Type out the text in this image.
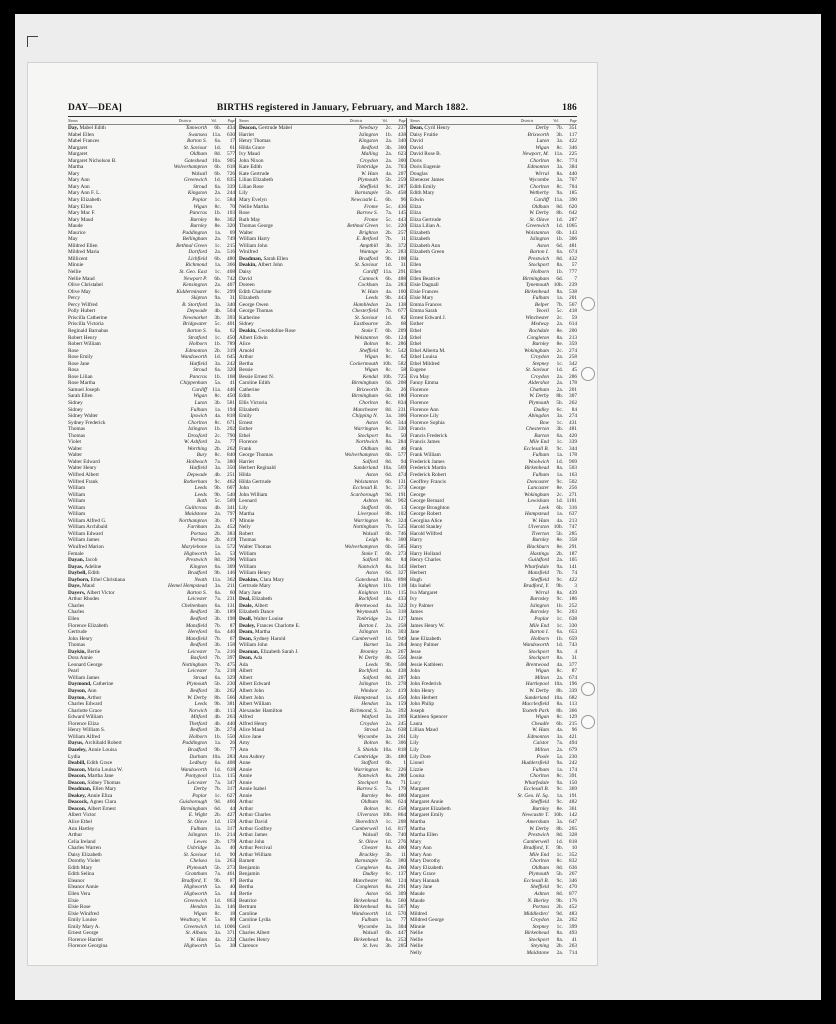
DAY—DEA]	BIRTHS registered in January, February, and March 1882.	186
Names	Districts	Vol.	Page
Day, Mabel Edith	Tamworth	6b.	434
Mabel Ellen	Swansea 11a.	630
Mabel Frances	Barton S.	6a.	17
Margaret	St. Saviour	1d.	61
Margaret	Oldham	8d.	577
Margaret Nicholson B.	Gateshead 10a.	905
Martha	Wolverhampton	6b.	618
Mary	Walsall	6b.	726
Mary Ann	Greenwich	1d.	835
Mary Ann	Stroud	6a.	339
Mary Ann F. L.	Kingston	2a.	244
Mary Elizabeth	Poplar	1c.	584
Mary Ellen	Wigan	8c.	70
Mary Mac F.	Pancras	1b.	103
Mary Maud	Burnley	8e.	302
Maude	Burnley	8e.	320
Maurice	Paddington	1a.	69
May	Bellingham	2a.	749
Mildred Ellen	Bethnal Green	1c.	215
Mildred Maria	Dartford	2a.	516
Millicent	Lichfield	6b.	480
Minnie	Richmond	1a.	366
Nellie	St. Geo. East	1c.	408
Nellie Maud	Newport P.	6b.	742
Olive Christabel	Kensington	2a.	407
Olive May	Kidderminster	6c.	299
Percy	Skipton	9a.	31
Percy Wilfred	B. Stortford	3a.	340
Polly Hubert	Depwade	4b.	504
Priscilla Catherine	Newmarket	3b.	393
Priscilla Victoria	Bridgwater	5c.	401
Reginald Barnabas	Barton S.	6a.	62
Robert Henry	Stratford	1c.	450
Robert William	Holborn	1b.	789
Rose	Edmonton	2b.	319
Rose Emily	Wandsworth	1d.	645
Rose Jane	Hatfield	3a.	242
Rosa	Stroud	6a.	320
Rose Lilian	Pancras	1b.	168
Rose Martha	Chippenham	5a.	41
Samuel Joseph	Cardiff 11a.	446
Sarah Ellen	Wigan	8c.	450
Sidney	Luton	3b.	581
Sidney	Fulham	1a.	194
Sidney Walter	Ipswich	4a.	818
Sydney Frederick	Chorlton	8c.	671
Thomas	Islington	1b.	202
Thomas	Droxford	2c.	790
Violet	W. Ashford	2a.	77
Walter	Worthing	2b.	262
Walter	Bury	8c.	840
Walter Edward	Holbeach	7a.	380
Walter Henry	Hatfield	3a.	350
Wilfred Albert	Depwade	4b.	251
Wilfred Frank	Rotherham	9c.	462
William	Leeds	9b.	607
William	Leeds	9b.	540
William	Bath	5c.	569
William	Guiltcross	4b.	341
William	Maidstone	2a.	797
William Alfred G.	Northampton	3b.	67
William Archibald	Farnham	2a.	452
William Edward	Portsea	2b.	383
William James	Portsea	2b.	419
Winifred Marion	Marylebone	1a.	572
Female	Highworth	5a.	53
Dayan, Jacob	Prestwich	8d.	296
Dayas, Adeline	Kington	6a.	309
Daybell, Edith	Bradford	9b.	146
Dayborn, Ethel Christiana	Neath 11a.	362
Daye, Maud	Hemel Hempstead	3a.	211
Dayers, Albert Victor	Barton S.	6a.	60
Arthur Rhodes	Leicester	7a.	231
Charles	Cheltenham	6a.	131
Charles	Bedford	3b.	189
Ellen	Bedford	3b.	198
Florence Elizabeth	Mansfield	7b.	87
Gertrude	Hereford	6a.	440
John Henry	Mansfield	7b.	67
Thomas	Bedford	3b.	158
Daykin, Bertie	Leicester	7a.	216
Dora Annie	Basford	7b.	397
Leonard George	Nottingham	7b.	475
Pearl	Leicester	7a.	218
William James	Stroud	6a.	329
Daymond, Catherine	Plymouth	5b.	230
Dayson, Ann	Bedford	3b.	262
Dayton, Arthur	W. Derby	8b.	566
Charles Edward	Leeds	9b.	381
Charlotte Grace	Norwich	4b.	113
Edward William	Mitford	4b.	263
Florence Eliza	Thetford	4b.	440
Henry William S.	Bedford	3b.	274
William Alfred	Holborn	1b.	550
Dayus, Archibald Robert	Paddington	1a.	26
Dazeley, Annie Louisa	Bradford	9b.	77
Lydia	Durham 10a.	283
Deabill, Edith Grace	Ledbury	6a.	408
Deacon, Maria Louisa W.	Wandsworth	1d.	618
Deacon, Martha Jane	Pontypool 11a.	115
Deacon, Sidney Thomas	Leicester	7a.	347
Deadman, Ellen Mary	Derby	7b.	317
Deakey, Annie Eliza	Poplar	1c.	627
Deacock, Agnes Clara	Guisborough	9d.	466
Deacon, Albert Ernest	Birmingham	6d.	44
Albert Victor	E. Wight	2b.	427
Alice Ethel	St. Olave	1d.	159
Ann Hartley	Fulham	1a.	317
Arthur	Islington	1b.	214
Celia Ireland	Lewes	2b.	179
Charles Warren	Uxbridge	3a.	40
Daisy Elizabeth	St. Saviour	1d.	90
Dorothy Violet	Chelsea	1a.	263
Edith Mary	Plymouth	5b.	273
Edith Selina	Grantham	7a.	461
Eleanor	Bradford, Y.	9b.	87
Eleanor Annie	Highworth	5a.	40
Ellen Vera	Highworth	5a.	44
Elsie	Greenwich	1d.	863
Elsie Rose	Hendon	3a.	146
Elsie Winifred	Wigan	8c.	18
Emily Louise	Westbury, W.	5a.	80
Emily Mary A.	Greenwich	1d. 1006
Ernest George	St. Albans	3a.	371
Florence Harriet	W. Ham	4a.	232
Florence Georgina	Highworth	5a.	38
Names	Districts	Vol.	Page
Deacon, Gertrude Mabel	Newbury	2c.	237
Harriet	Islington	1b.	438
Henry Thomas	Kingston	2a.	340
Hilda Grace	Bedford	3b.	300
Ivy Maud	Malling	2a.	623
John Nixon	Croydon	2a.	300
Kate Edith	Tonbridge	2a.	703
Kate Gertrude	W. Ham	4a.	207
Lilian Elizabeth	Plymouth	5b.	259
Lilian Rose	Sheffield	9c.	287
Lily	Barnstaple	5b.	458
Mary Evelyn	Newcastle L.	6b.	96
Nellie Martha	Frome	5c.	436
Rose	Barrow S.	7a.	145
Ruth May	Frome	5c.	443
Thomas George	Bethnal Green	1c.	220
Walter	Brighton	2b.	257
William Harry	E. Retford	7b.	11
William John	Ampthill	3b.	372
Winifred	Wantage	2c.	283
Deadman, Sarah Ellen	Bradford	9b.	108
Deakin, Albert John	St. Saviour	1d.	31
Daisy	Cardiff 11a.	291
David	Cannock	6b.	488
Doreen	Cockham	2a.	283
Edith Charlotte	W. Ham	4a.	160
Elizabeth	Leeds	9b.	443
George Owen	Hambledon	2a.	138
George Thomas	Chesterfield	7b.	677
Katherine	St. Saviour	1d.	82
Sidney	Eastbourne	2b.	68
Deakin, Gwendoline Rose	Stoke T.	6b.	209
Albert Edwin	Wolstanton	6b.	124
Alice	Bolton	8c.	286
Arnold	Sheffield	9c.	542
Arthur	Wigan	8c.	62
Bertha	Cockermouth 10b.	582
Bessie	Wigan	8c.	58
Bessie Ernest N.	Kendal 10b.	725
Caroline Edith	Birmingham	6d.	208
Catherine	Brixworth	3b.	26
Edith	Birmingham	6d.	180
Ellis Victoria	Chorlton	8c.	834
Elizabeth	Manchester	8d.	231
Emily	Chipping N.	3a.	306
Ernest	Aston	6d.	344
Esther	Warrington	8c.	330
Ethel	Stockport	8a.	50
Florence	Northwich	8a.	284
Frank	Oldham	8d.	46
George Thomas	Wolverhampton	6b.	577
Harriet	Salford	8d.	94
Herbert Reginald	Sunderland 10a.	569
Hilda	Aston	6d.	474
Hilda Gertrude	Wolstanton	6b.	131
John	Ecclesall B.	9c.	373
John William	Scarborough	9d.	191
Leonard	Ashton	8d.	902
Lily	Stafford	6b.	13
Martha	Liverpool	8b.	102
Minnie	Warrington	8c.	324
Nelly	Nottingham	7b.	525
Robert	Walsall	6b.	746
Thomas	Leigh	8c.	300
Walter Thomas	Wolverhampton	6b.	585
William	Stoke T.	6b.	273
William	Salford	8d.	84
William	Nantwich	8a.	343
William Henry	Aston	6d.	327
Deakins, Clara Mary	Gateshead 10a.	898
Gertrude Mary	Knighton 11b.	118
Mary Jane	Knighton 11b.	115
Deal, Elizabeth	Rochford	4a.	433
Deale, Albert	Brentwood	4a.	322
Elizabeth Dance	Weymouth	5a.	318
Deall, Walter Louise	Tonbridge	2a.	127
Dealey, Frances Charlotte E.	Barton I.	2a.	258
Deam, Martha	Islington	1b.	303
Dean, Sydney Harold	Camberwell	1d.	949
William John	Barnet	3a.	204
Deaman, Elizabeth Sarah J.	Bromley	2a.	267
Dean, Ada	W. Derby	8b.	556
Ada	Leeds	9b.	508
Albert	Rochford	4a.	438
Albert	Salford	8d.	207
Albert Edward	Islington	1b.	278
Albert John	Windsor	2c.	419
Albert John	Hampstead	1a.	450
Albert William	Hendon	3a.	159
Alexander Hamilton	Richmond, S.	2a.	392
Alfred	Watford	3a.	269
Alfred Henry	Croydon	2a.	245
Alice Maud	Strood	2a.	638
Alice Jane	Wycombe	3a.	261
Amy	Bolton	8c.	306
Ann	S. Shields 10a.	818
Ann Aubrey	Cambridge	3b.	480
Anne	Stafford	6b.	1
Annie	Warrington	8c.	226
Annie	Nantwich	8a.	280
Annie	Stockport	8a.	71
Annie Isabel	Barrow S.	7a.	179
Annie	Burnley	8e.	400
Arthur	Oldham	8d.	624
Arthur	Bolton	8c.	458
Arthur Charles	Ulverston 10b.	864
Arthur David	Shoreditch	1c.	208
Arthur Godfrey	Camberwell	1d.	817
Arthur James	Walsall	6b.	740
Arthur John	St. Olave	1d.	276
Arthur Percival	Chester	8a.	400
Arthur William	Brackley	3b.	11
Barnett	Barnstaple	5b.	380
Benjamin	Congleton	8a.	260
Benjamin	Dudley	6c.	137
Bertha	Manchester	8d.	124
Bertha	Congleton	8a.	291
Bertie	Aston	6d.	309
Beatrice	Birkenhead	8a.	560
Bertram	Birkenhead	8a.	567
Caroline	Wandsworth	1d.	570
Caroline Lydia	Fulham	1a.	77
Cecil	Wycombe	3a.	304
Charles Albert	Walsall	6b.	447
Charles Henry	Birkenhead	8a.	253
Clarence	St. Ives	3b.	205
Names	Districts	Vol.	Page
Dean, Cyril Henry	Derby	7b.	351
Daisy Fruitie	Brixworth	3b.	117
David	Luton	3a.	422
David	Wigan	8c.	346
David Rose B.	Newport, M. 11a.	225
Doris	Chorlton	8c.	774
Doris Eugenie	Edmonton	3a.	384
Douglas	Wirral	8a.	440
Ebenezer James	Wycombe	3a.	707
Edith Emily	Chorlton	8c.	704
Edith Mary	Wetherby	9a.	185
Edwin	Cardiff 11a.	390
Eliza	Oldham	8d.	620
Eliza	W. Derby	8b.	642
Eliza Gertrude	St. Olave	1d.	287
Eliza Lilian A.	Greenwich	1d. 1065
Elizabeth	Wolstanton	6b.	143
Elizabeth	Islington	1b.	306
Elizabeth Ann	Aston	6d.	481
Elizabeth Green	Barton I.	6a.	674
Ella	Prestwich	8d.	432
Ellen	Stockport	8a.	57
Ellen	Holborn	1b.	777
Ellen Beatrice	Birmingham	6d.	7
Elsie Dagnall	Tynemouth 10b.	239
Elsie Frances	Birkenhead	8a.	538
Elsie Mary	Fulham	1a.	201
Emma Frances	Belper	7b.	567
Emma Sarah	Yeovil	5c.	418
Ernest Edward J.	Winchester	2c.	59
Esther	Medway	2a.	614
Ethel	Rochdale	8e.	200
Ethel	Congleton	8a.	213
Ethel	Burnley	8e.	359
Ethel Alberta M.	Wokingham	2c.	274
Ethel Louisa	Croydon	2a.	258
Ethel Mildred	Stepney	1c.	342
Eugene	St. Saviour	1d.	45
Eva May	Croydon	2a.	286
Fanny Emma	Aldershot	2a.	178
Florence	Chatham	2a.	201
Florence	W. Derby	8b.	307
Florence	Plymouth	5b.	262
Florence Ann	Dudley	6c.	84
Florence Lily	Abingdon	3a.	274
Florence Sophia	Bow	1c.	431
Francis	Chesterton	3b.	481
Francis Frederick	Barton	6a.	420
Francis James	Mile End	1c.	339
Frank	Ecclesall B.	9c.	344
Frank William	Fulham	1a.	178
Frederick James	Woolwich	1d.	969
Frederick Martin	Birkenhead	8a.	503
Frederick Robert	Fulham	1a.	163
Geoffrey Francis	Doncaster	9c.	502
George	Lancaster	8e.	256
George	Wokingham	2c.	271
George Bernard	Lewisham	1d. 1181
George Broughton	Leek	6b.	316
George Robert	Hampstead	1a.	637
Georgina Alice	W. Ham	4a.	213
Harold Stanley	Ulverston 10b.	747
Harold Wilfred	Tiverton	5b.	285
Harry	Burnley	8e.	358
Harry	Blackburn	8e.	291
Harry Holland	Hastings	2b.	187
Henry Charles	Guildford	2a.	105
Herbert	Wharfedale	9a.	141
Herbert	Mansfield	7b.	74
Hugh	Sheffield	9c.	422
Ida Isabel	Bradford, Y.	9b.	3
Iva Margaret	Wirral	8a.	439
Ivy	Barnsley	9c.	186
Ivy Palmer	Islington	1b.	252
James	Barnsley	9c.	203
James	Poplar	1c.	638
James Henry W.	Mile End	1c.	330
Jane	Barton I.	6a.	653
Jane Elizabeth	Holborn	1b.	659
Jenny Palmer	Wandsworth	1d.	743
Jesse	Stockport	8a.	4
Jessie	Stockport	8a.	31
Jessie Kathleen	Brentwood	4a.	377
John	Wigan	8c.	87
John	Milton	2a.	674
John Frederick	Hartlepool 10a.	196
John Henry	W. Derby	8b.	339
John Herbert	Sunderland 10a.	682
John Philip	Macclesfield	8a.	113
Joseph	Toxteth Park	8b.	366
Kathleen Spencer	Wigan	8c.	129
Laura	Cheadle	6b.	215
Lillian Maud	W. Ham	4a.	96
Lily	Edmonton	3a.	421
Lily	Caistor	7a.	494
Lily	Milton	2a.	679
Lily Dore	Poole	5a.	230
Lionel	Huddersfield	9a.	242
Lizzie	Fulham	1a.	174
Louisa	Chorlton	8c.	391
Lucy	Wharfedale	9a.	150
Margaret	Ecclesall B.	9c.	369
Margaret	St. Geo. H. Sq.	1a.	191
Margaret Annie	Sheffield	9c.	482
Margaret Elizabeth	Burnley	8e.	361
Margaret Emily	Newcastle T. 10b.	142
Martha	Amersham	3a.	647
Martha	W. Derby	8b.	265
Martha Ellen	Prestwich	8d.	328
Mary	Camberwell	1d.	818
Mary Ann	Bradford, Y.	9b.	10
Mary Ann	Mile End	1c.	352
Mary Dorothy	Chorlton	8c.	832
Mary Elizabeth	Oldham	8d.	636
Mary Grace	Plymouth	5b.	267
Mary Hannah	Ecclesall B.	9c.	346
Mary Jane	Sheffield	9c.	470
Maude	Ashton	8d.	877
Maude	N. Bierley	9b.	176
May	Portsea	2b.	452
Mildred	Middlesbro'	9d.	483
Mildred George	Croydon	2a.	262
Minnie	Stepney	1c.	399
Nellie	Birkenhead	8a.	493
Nellie	Stockport	8a.	41
Nellie	Steyning	2b.	263
Nelly	Maidstone	2a.	714
